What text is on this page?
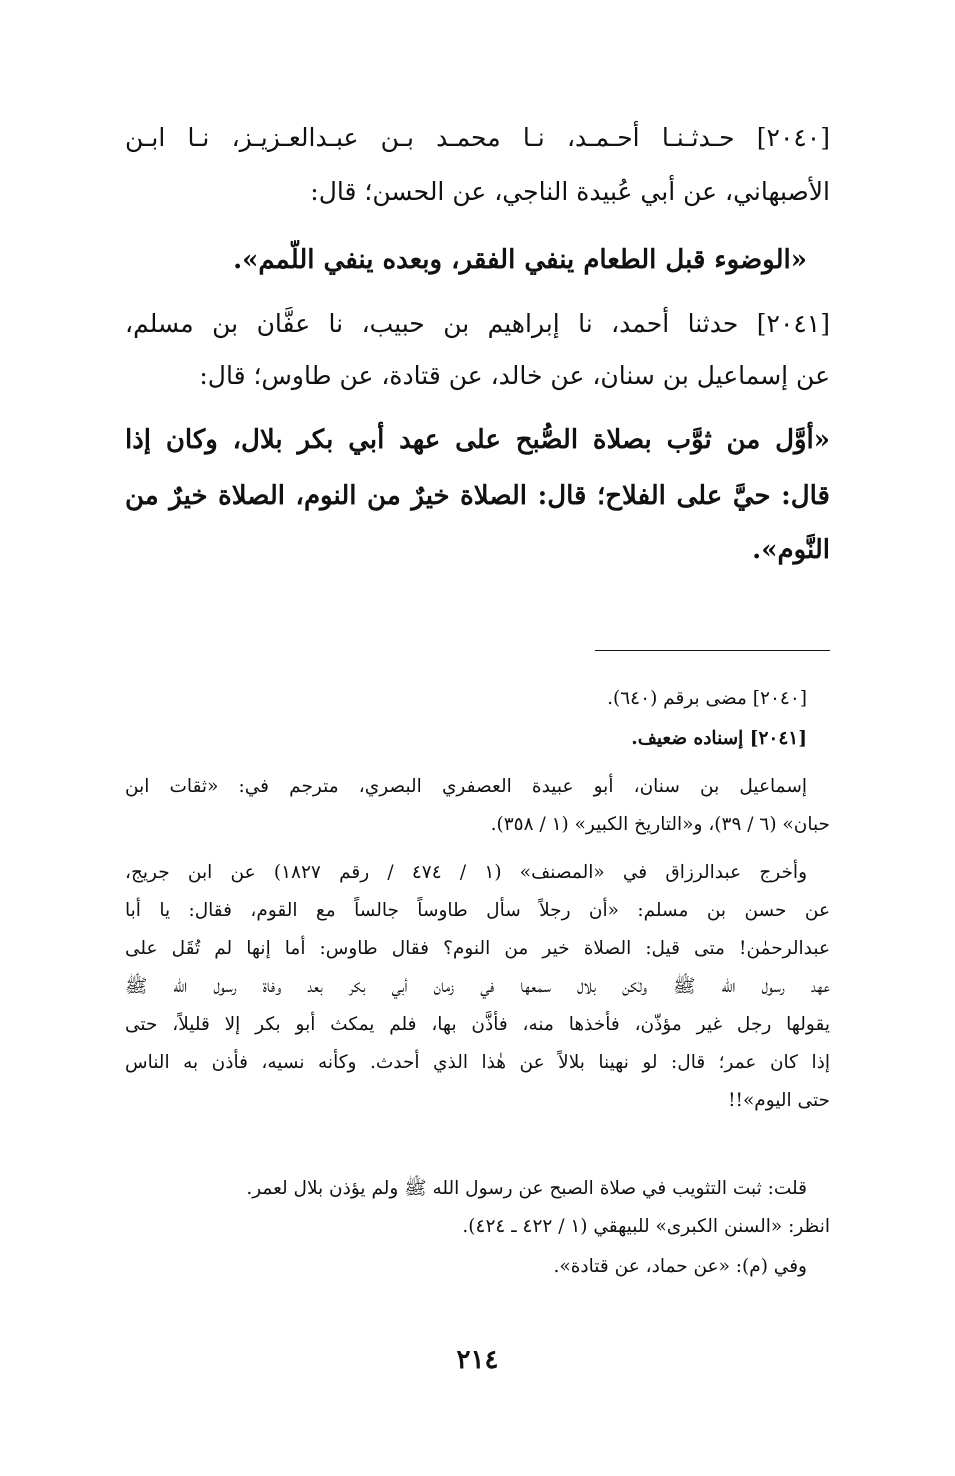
[٢٠٤٠] حـدثـنـا أحـمـد، نـا محمـد بـن عبـدالعـزيـز، نـا ابـن
الأصبهاني، عن أبي عُبيدة الناجي، عن الحسن؛ قال:
«الوضوء قبل الطعام ينفي الفقر، وبعده ينفي اللَّمم».
[٢٠٤١] حدثنا أحمد، نا إبراهيم بن حبيب، نا عفَّان بن مسلم،
عن إسماعيل بن سنان، عن خالد، عن قتادة، عن طاوس؛ قال:
«أوَّل من ثوَّب بصلاة الصُّبح على عهد أبي بكر بلال، وكان إذا
قال: حيَّ على الفلاح؛ قال: الصلاة خيرٌ من النوم، الصلاة خيرٌ من
النَّوم».
[٢٠٤٠] مضى برقم (٦٤٠).
[٢٠٤١] إسناده ضعيف.
إسماعيل بن سنان، أبو عبيدة العصفري البصري، مترجم في: «ثقات ابن
حبان» (٦ / ٣٩)، و«التاريخ الكبير» (١ / ٣٥٨).
وأخرج عبدالرزاق في «المصنف» (١ / ٤٧٤ / رقم ١٨٢٧) عن ابن جريج،
عن حسن بن مسلم: «أن رجلاً سأل طاوساً جالساً مع القوم، فقال: يا أبا
عبدالرحمٰن! متى قيل: الصلاة خير من النوم؟ فقال طاوس: أما إنها لم تُقَل على
عهد رسول الله ﷺ ولٰكن بلال سمعها في زمان أبي بكر بعد وفاة رسول الله ﷺ
يقولها رجل غير مؤذّن، فأخذها منه، فأذَّن بها، فلم يمكث أبو بكر إلا قليلاً، حتى
إذا كان عمر؛ قال: لو نهينا بلالاً عن هٰذا الذي أحدث. وكأنه نسيه، فأذن به الناس
حتى اليوم»!!
قلت: ثبت التثويب في صلاة الصبح عن رسول الله ﷺ ولم يؤذن بلال لعمر.
انظر: «السنن الكبرى» للبيهقي (١ / ٤٢٢ ـ ٤٢٤).
وفي (م): «عن حماد، عن قتادة».
٢١٤
